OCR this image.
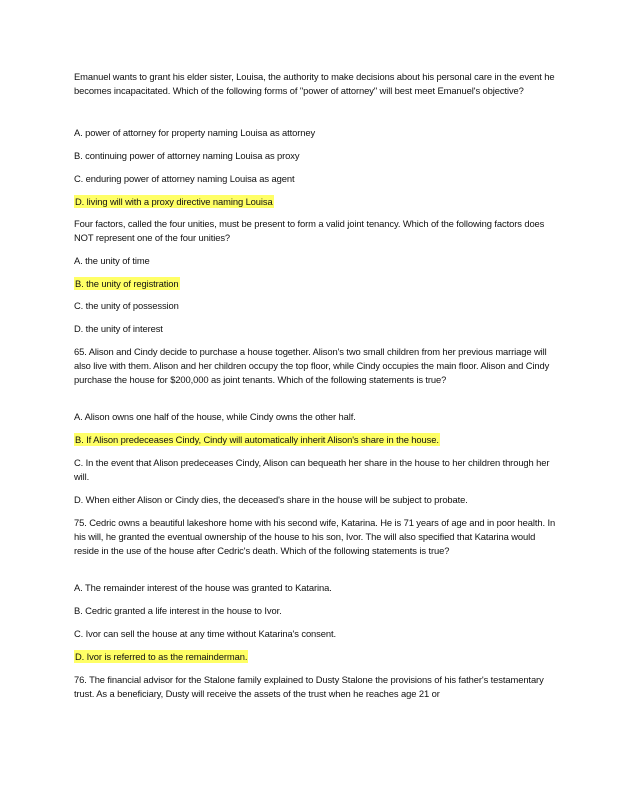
Emanuel wants to grant his elder sister, Louisa, the authority to make decisions about his personal care in the event he becomes incapacitated. Which of the following forms of "power of attorney" will best meet Emanuel's objective?

A. power of attorney for property naming Louisa as attorney

B. continuing power of attorney naming Louisa as proxy

C. enduring power of attorney naming Louisa as agent

D. living will with a proxy directive naming Louisa

Four factors, called the four unities, must be present to form a valid joint tenancy. Which of the following factors does NOT represent one of the four unities?

A. the unity of time

B. the unity of registration

C. the unity of possession

D. the unity of interest

65. Alison and Cindy decide to purchase a house together. Alison's two small children from her previous marriage will also live with them. Alison and her children occupy the top floor, while Cindy occupies the main floor. Alison and Cindy purchase the house for $200,000 as joint tenants. Which of the following statements is true?

A. Alison owns one half of the house, while Cindy owns the other half.

B. If Alison predeceases Cindy, Cindy will automatically inherit Alison's share in the house.

C. In the event that Alison predeceases Cindy, Alison can bequeath her share in the house to her children through her will.

D. When either Alison or Cindy dies, the deceased's share in the house will be subject to probate.

75. Cedric owns a beautiful lakeshore home with his second wife, Katarina. He is 71 years of age and in poor health. In his will, he granted the eventual ownership of the house to his son, Ivor. The will also specified that Katarina would reside in the use of the house after Cedric's death. Which of the following statements is true?

A. The remainder interest of the house was granted to Katarina.

B. Cedric granted a life interest in the house to Ivor.

C. Ivor can sell the house at any time without Katarina's consent.

D. Ivor is referred to as the remainderman.

76. The financial advisor for the Stalone family explained to Dusty Stalone the provisions of his father's testamentary trust. As a beneficiary, Dusty will receive the assets of the trust when he reaches age 21 or
